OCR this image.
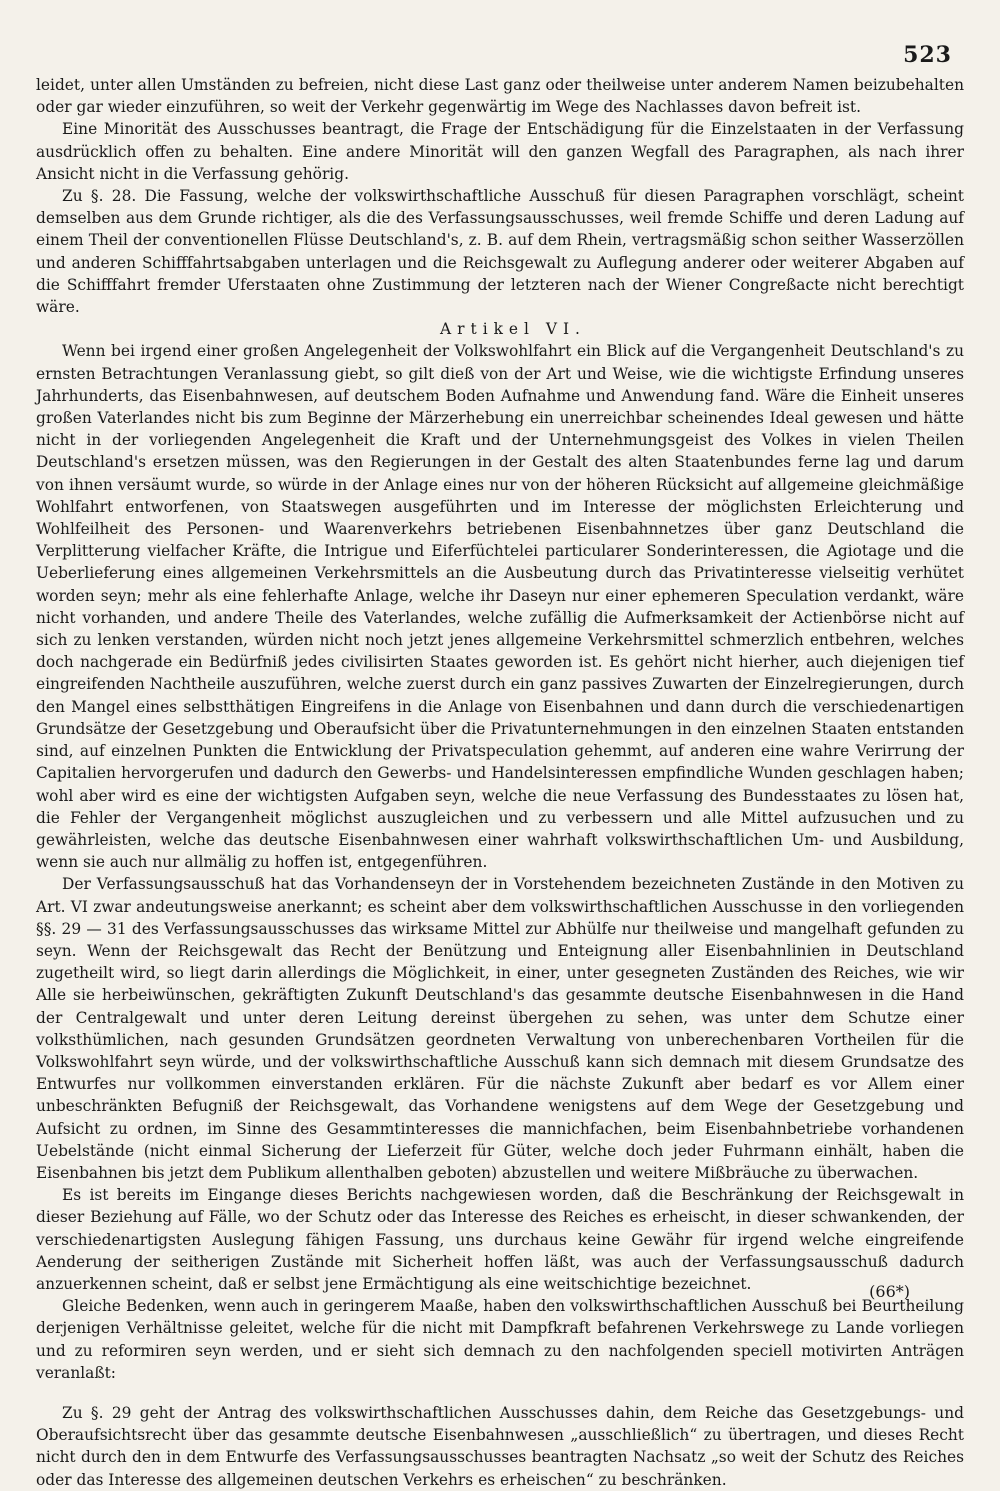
523

leidet, unter allen Umständen zu befreien, nicht diese Last ganz oder theilweise unter anderem Namen beizubehalten oder gar wieder einzuführen, so weit der Verkehr gegenwärtig im Wege des Nachlasses davon befreit ist.

Eine Minorität des Ausschusses beantragt, die Frage der Entschädigung für die Einzelstaaten in der Verfassung ausdrücklich offen zu behalten. Eine andere Minorität will den ganzen Wegfall des Paragraphen, als nach ihrer Ansicht nicht in die Verfassung gehörig.

Zu §. 28. Die Fassung, welche der volkswirthschaftliche Ausschuß für diesen Paragraphen vorschlägt, scheint demselben aus dem Grunde richtiger, als die des Verfassungsausschusses, weil fremde Schiffe und deren Ladung auf einem Theil der conventionellen Flüsse Deutschland's, z. B. auf dem Rhein, vertragsmäßig schon seither Wasserzöllen und anderen Schifffahrtsabgaben unterlagen und die Reichsgewalt zu Auflegung anderer oder weiterer Abgaben auf die Schifffahrt fremder Uferstaaten ohne Zustimmung der letzteren nach der Wiener Congreßacte nicht berechtigt wäre.

Artikel VI.

Wenn bei irgend einer großen Angelegenheit der Volkswohlfahrt ein Blick auf die Vergangenheit Deutschland's zu ernsten Betrachtungen Veranlassung giebt, so gilt dieß von der Art und Weise, wie die wichtigste Erfindung unseres Jahrhunderts, das Eisenbahnwesen, auf deutschem Boden Aufnahme und Anwendung fand. Wäre die Einheit unseres großen Vaterlandes nicht bis zum Beginne der Märzerhebung ein unerreichbar scheinendes Ideal gewesen und hätte nicht in der vorliegenden Angelegenheit die Kraft und der Unternehmungsgeist des Volkes in vielen Theilen Deutschland's ersetzen müssen, was den Regierungen in der Gestalt des alten Staatenbundes ferne lag und darum von ihnen versäumt wurde, so würde in der Anlage eines nur von der höheren Rücksicht auf allgemeine gleichmäßige Wohlfahrt entworfenen, von Staatswegen ausgeführten und im Interesse der möglichsten Erleichterung und Wohlfeilheit des Personen- und Waarenverkehrs betriebenen Eisenbahnnetzes über ganz Deutschland die Verplitterung vielfacher Kräfte, die Intrigue und Eiferfüchtelei particularer Sonderinteressen, die Agiotage und die Ueberlieferung eines allgemeinen Verkehrsmittels an die Ausbeutung durch das Privatinteresse vielseitig verhütet worden seyn; mehr als eine fehlerhafte Anlage, welche ihr Daseyn nur einer ephemeren Speculation verdankt, wäre nicht vorhanden, und andere Theile des Vaterlandes, welche zufällig die Aufmerksamkeit der Actienbörse nicht auf sich zu lenken verstanden, würden nicht noch jetzt jenes allgemeine Verkehrsmittel schmerzlich entbehren, welches doch nachgerade ein Bedürfniß jedes civilisirten Staates geworden ist. Es gehört nicht hierher, auch diejenigen tief eingreifenden Nachtheile auszuführen, welche zuerst durch ein ganz passives Zuwarten der Einzelregierungen, durch den Mangel eines selbstthätigen Eingreifens in die Anlage von Eisenbahnen und dann durch die verschiedenartigen Grundsätze der Gesetzgebung und Oberaufsicht über die Privatunternehmungen in den einzelnen Staaten entstanden sind, auf einzelnen Punkten die Entwicklung der Privatspeculation gehemmt, auf anderen eine wahre Verirrung der Capitalien hervorgerufen und dadurch den Gewerbs- und Handelsinteressen empfindliche Wunden geschlagen haben; wohl aber wird es eine der wichtigsten Aufgaben seyn, welche die neue Verfassung des Bundesstaates zu lösen hat, die Fehler der Vergangenheit möglichst auszugleichen und zu verbessern und alle Mittel aufzusuchen und zu gewährleisten, welche das deutsche Eisenbahnwesen einer wahrhaft volkswirthschaftlichen Um- und Ausbildung, wenn sie auch nur allmälig zu hoffen ist, entgegenführen.

Der Verfassungsausschuß hat das Vorhandenseyn der in Vorstehendem bezeichneten Zustände in den Motiven zu Art. VI zwar andeutungsweise anerkannt; es scheint aber dem volkswirthschaftlichen Ausschusse in den vorliegenden §§. 29 — 31 des Verfassungsausschusses das wirksame Mittel zur Abhülfe nur theilweise und mangelhaft gefunden zu seyn. Wenn der Reichsgewalt das Recht der Benützung und Enteignung aller Eisenbahnlinien in Deutschland zugetheilt wird, so liegt darin allerdings die Möglichkeit, in einer, unter gesegneten Zuständen des Reiches, wie wir Alle sie herbeiwünschen, gekräftigten Zukunft Deutschland's das gesammte deutsche Eisenbahnwesen in die Hand der Centralgewalt und unter deren Leitung dereinst übergehen zu sehen, was unter dem Schutze einer volksthümlichen, nach gesunden Grundsätzen geordneten Verwaltung von unberechenbaren Vortheilen für die Volkswohlfahrt seyn würde, und der volkswirthschaftliche Ausschuß kann sich demnach mit diesem Grundsatze des Entwurfes nur vollkommen einverstanden erklären. Für die nächste Zukunft aber bedarf es vor Allem einer unbeschränkten Befugniß der Reichsgewalt, das Vorhandene wenigstens auf dem Wege der Gesetzgebung und Aufsicht zu ordnen, im Sinne des Gesammtinteresses die mannichfachen, beim Eisenbahnbetriebe vorhandenen Uebelstände (nicht einmal Sicherung der Lieferzeit für Güter, welche doch jeder Fuhrmann einhält, haben die Eisenbahnen bis jetzt dem Publikum allenthalben geboten) abzustellen und weitere Mißbräuche zu überwachen.

Es ist bereits im Eingange dieses Berichts nachgewiesen worden, daß die Beschränkung der Reichsgewalt in dieser Beziehung auf Fälle, wo der Schutz oder das Interesse des Reiches es erheischt, in dieser schwankenden, der verschiedenartigsten Auslegung fähigen Fassung, uns durchaus keine Gewähr für irgend welche eingreifende Aenderung der seitherigen Zustände mit Sicherheit hoffen läßt, was auch der Verfassungsausschuß dadurch anzuerkennen scheint, daß er selbst jene Ermächtigung als eine weitschichtige bezeichnet.

Gleiche Bedenken, wenn auch in geringerem Maaße, haben den volkswirthschaftlichen Ausschuß bei Beurtheilung derjenigen Verhältnisse geleitet, welche für die nicht mit Dampfkraft befahrenen Verkehrswege zu Lande vorliegen und zu reformiren seyn werden, und er sieht sich demnach zu den nachfolgenden speciell motivirten Anträgen veranlaßt:

Zu §. 29 geht der Antrag des volkswirthschaftlichen Ausschusses dahin, dem Reiche das Gesetzgebungs- und Oberaufsichtsrecht über das gesammte deutsche Eisenbahnwesen „ausschließlich“ zu übertragen, und dieses Recht nicht durch den in dem Entwurfe des Verfassungsausschusses beantragten Nachsatz „so weit der Schutz des Reiches oder das Interesse des allgemeinen deutschen Verkehrs es erheischen“ zu beschränken.

(66*)
